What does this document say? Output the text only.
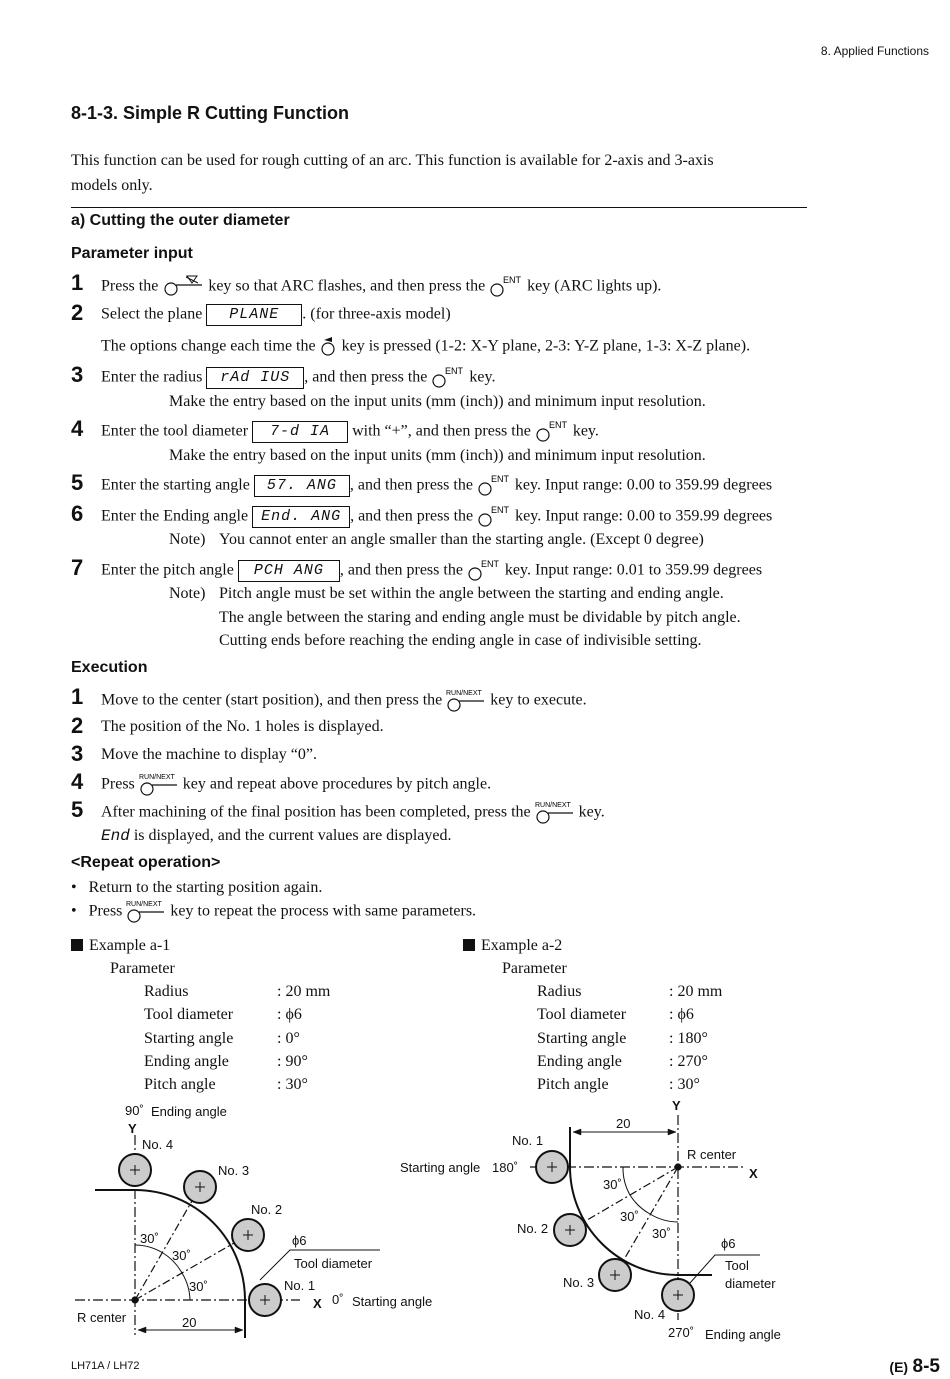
8. Applied Functions
8-1-3. Simple R Cutting Function
This function can be used for rough cutting of an arc. This function is available for 2-axis and 3-axis
models only.
a) Cutting the outer diameter
Parameter input
1 Press the	key so that ARC flashes, and then press the ENT key (ARC lights up).
2 Select the plane PLANE . (for three-axis model)
The options change each time the key is pressed (1-2: X-Y plane, 2-3: Y-Z plane, 1-3: X-Z plane).
3 Enter the radius rAd IUS , and then press the ENT key.
Make the entry based on the input units (mm (inch)) and minimum input resolution.
4 Enter the tool diameter 7-d IA with “+”, and then press the ENT key.
Make the entry based on the input units (mm (inch)) and minimum input resolution.
5 Enter the starting angle 57. ANG , and then press the ENT key. Input range: 0.00 to 359.99 degrees
6 Enter the Ending angle End. ANG , and then press the ENT key. Input range: 0.00 to 359.99 degrees
Note) You cannot enter an angle smaller than the starting angle. (Except 0 degree)
7 Enter the pitch angle PCH ANG , and then press the ENT key. Input range: 0.01 to 359.99 degrees
Note) Pitch angle must be set within the angle between the starting and ending angle.
The angle between the staring and ending angle must be dividable by pitch angle.
Cutting ends before reaching the ending angle in case of indivisible setting.
Execution
1 Move to the center (start position), and then press the RUN/NEXT key to execute.
2 The position of the No. 1 holes is displayed.
3 Move the machine to display “0”.
4 Press RUN/NEXT key and repeat above procedures by pitch angle.
5 After machining of the final position has been completed, press the RUN/NEXT key.
End is displayed, and the current values are displayed.
<Repeat operation>
•   Return to the starting position again.
•   Press RUN/NEXT key to repeat the process with same parameters.
Example a-1
Parameter
Radius	: 20 mm
Tool diameter	: ϕ6
Starting angle	: 0°
Ending angle	: 90°
Pitch angle	: 30°
Example a-2
Parameter
Radius	: 20 mm
Tool diameter	: ϕ6
Starting angle	: 180°
Ending angle	: 270°
Pitch angle	: 30°
90˚ Ending angle
Y
No. 4
No. 3
No. 2
30˚
30˚
30˚
ϕ6
Tool diameter
No. 1
X 0˚ Starting angle
R center	20
20
Y
No. 1
R center
Starting angle 180˚	X
30˚
30˚
30˚
No. 2
ϕ6
Tool
diameter
No. 3
No. 4
270˚ Ending angle
LH71A / LH72	(E) 8-5
